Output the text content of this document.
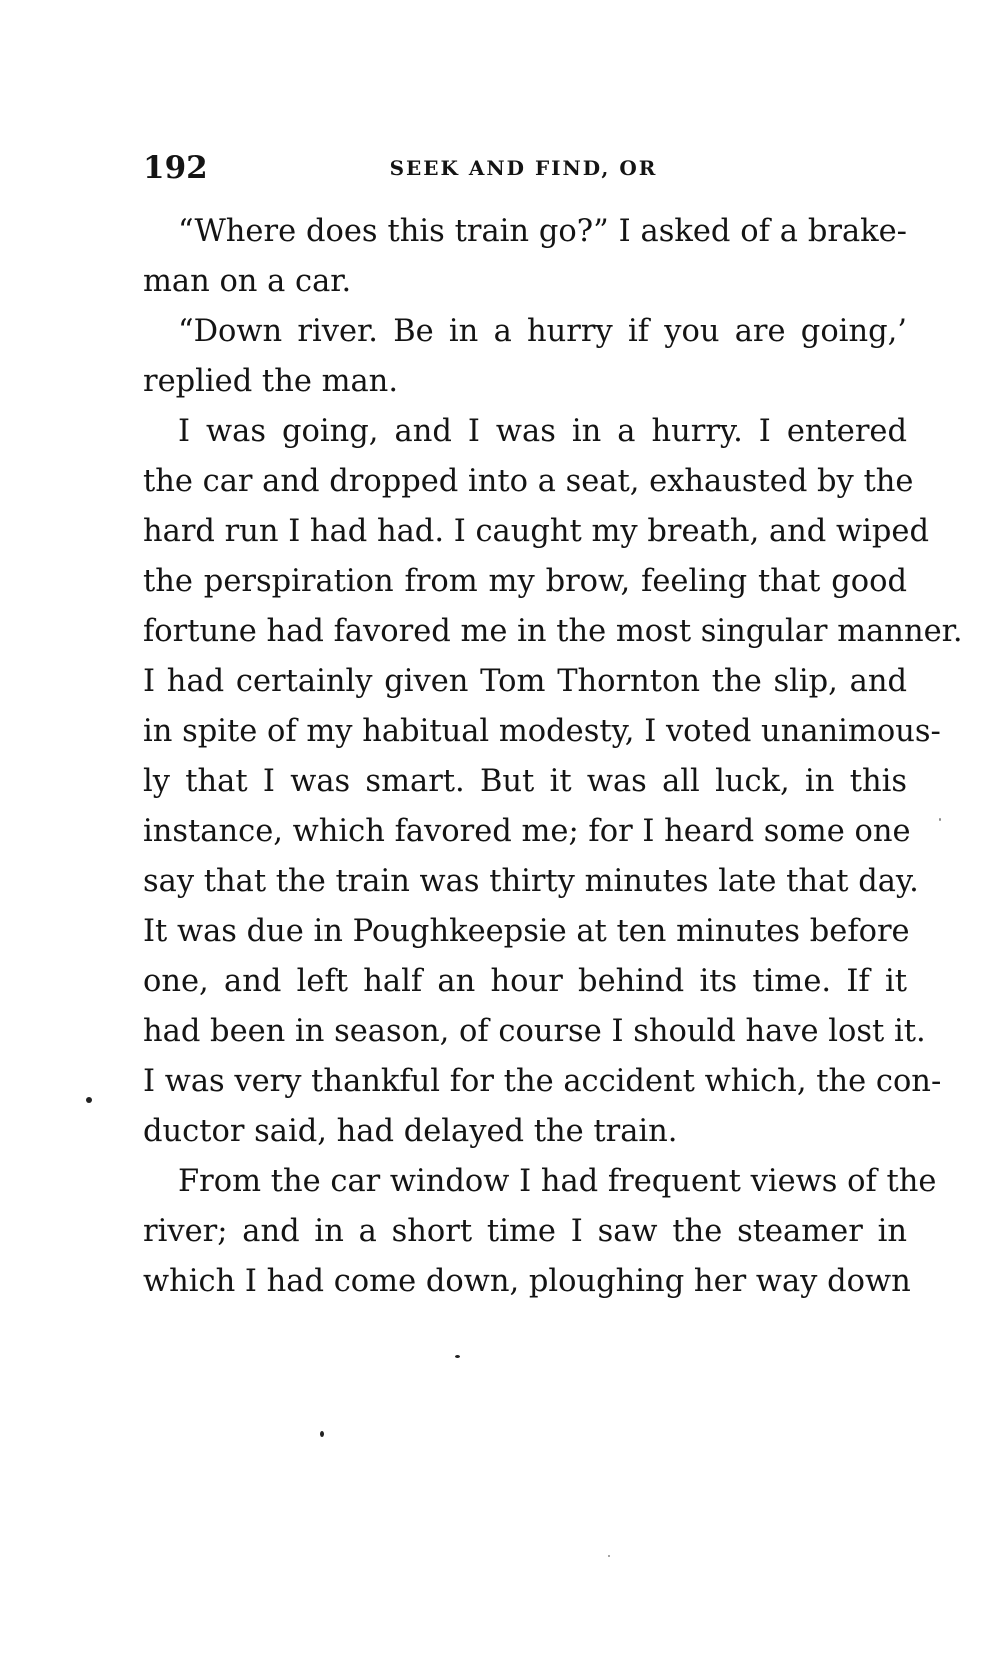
192	SEEK AND FIND, OR
“Where does this train go?” I asked of a brake-
man on a car.
“Down river. Be in a hurry if you are going,’
replied the man.
I was going, and I was in a hurry. I entered
the car and dropped into a seat, exhausted by the
hard run I had had. I caught my breath, and wiped
the perspiration from my brow, feeling that good
fortune had favored me in the most singular manner.
I had certainly given Tom Thornton the slip, and
in spite of my habitual modesty, I voted unanimous-
ly that I was smart. But it was all luck, in this
instance, which favored me; for I heard some one
say that the train was thirty minutes late that day.
It was due in Poughkeepsie at ten minutes before
one, and left half an hour behind its time. If it
had been in season, of course I should have lost it.
I was very thankful for the accident which, the con-
ductor said, had delayed the train.
From the car window I had frequent views of the
river; and in a short time I saw the steamer in
which I had come down, ploughing her way down
